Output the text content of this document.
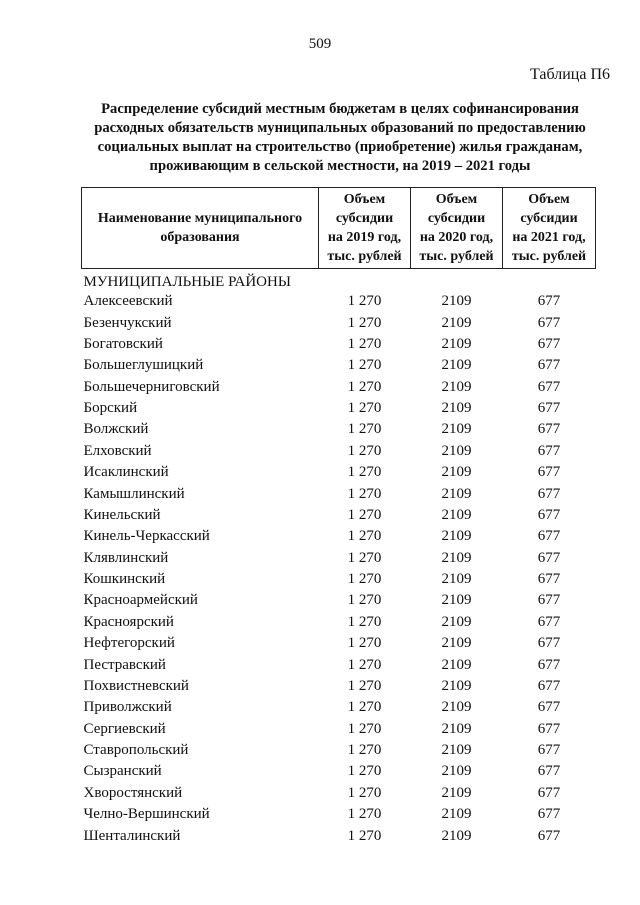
509
Таблица П6
Распределение субсидий местным бюджетам в целях софинансирования
расходных обязательств муниципальных образований по предоставлению
социальных выплат на строительство (приобретение) жилья гражданам,
проживающим в сельской местности, на 2019 – 2021 годы
Наименование муниципального
образования	Объем
субсидии
на 2019 год,
тыс. рублей	Объем
субсидии
на 2020 год,
тыс. рублей	Объем
субсидии
на 2021 год,
тыс. рублей

МУНИЦИПАЛЬНЫЕ РАЙОНЫ			
Алексеевский	1 270	2109	677
Безенчукский	1 270	2109	677
Богатовский	1 270	2109	677
Большеглушицкий	1 270	2109	677
Большечерниговский	1 270	2109	677
Борский	1 270	2109	677
Волжский	1 270	2109	677
Елховский	1 270	2109	677
Исаклинский	1 270	2109	677
Камышлинский	1 270	2109	677
Кинельский	1 270	2109	677
Кинель-Черкасский	1 270	2109	677
Клявлинский	1 270	2109	677
Кошкинский	1 270	2109	677
Красноармейский	1 270	2109	677
Красноярский	1 270	2109	677
Нефтегорский	1 270	2109	677
Пестравский	1 270	2109	677
Похвистневский	1 270	2109	677
Приволжский	1 270	2109	677
Сергиевский	1 270	2109	677
Ставропольский	1 270	2109	677
Сызранский	1 270	2109	677
Хворостянский	1 270	2109	677
Челно-Вершинский	1 270	2109	677
Шенталинский	1 270	2109	677
